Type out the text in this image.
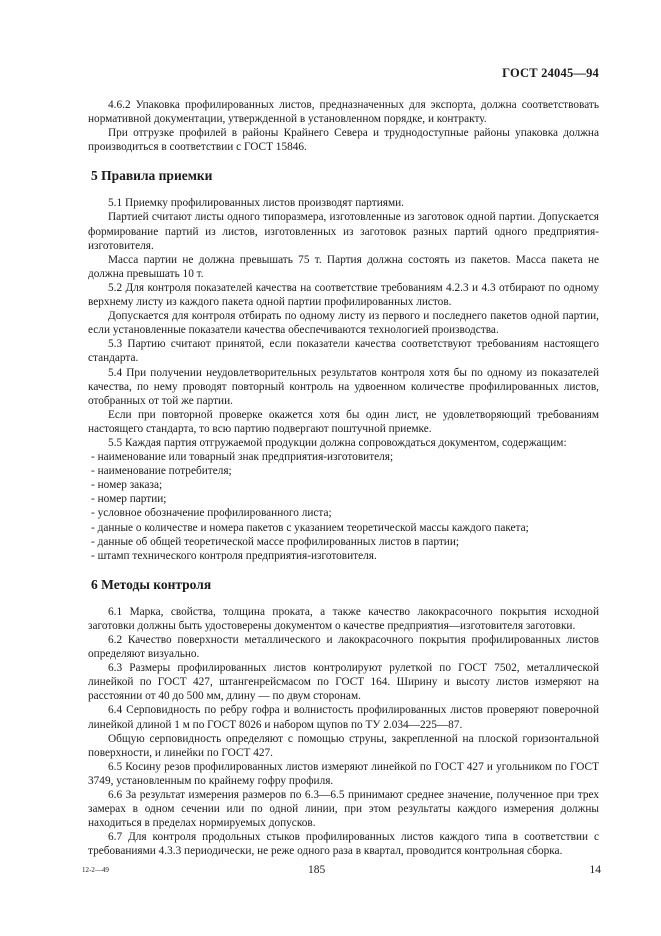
ГОСТ 24045—94

4.6.2 Упаковка профилированных листов, предназначенных для экспорта, должна соответствовать нормативной документации, утвержденной в установленном порядке, и контракту.

При отгрузке профилей в районы Крайнего Севера и труднодоступные районы упаковка должна производиться в соответствии с ГОСТ 15846.

5 Правила приемки

5.1 Приемку профилированных листов производят партиями.

Партией считают листы одного типоразмера, изготовленные из заготовок одной партии. Допускается формирование партий из листов, изготовленных из заготовок разных партий одного предприятия-изготовителя.

Масса партии не должна превышать 75 т. Партия должна состоять из пакетов. Масса пакета не должна превышать 10 т.

5.2 Для контроля показателей качества на соответствие требованиям 4.2.3 и 4.3 отбирают по одному верхнему листу из каждого пакета одной партии профилированных листов.

Допускается для контроля отбирать по одному листу из первого и последнего пакетов одной партии, если установленные показатели качества обеспечиваются технологией производства.

5.3 Партию считают принятой, если показатели качества соответствуют требованиям настоящего стандарта.

5.4 При получении неудовлетворительных результатов контроля хотя бы по одному из показателей качества, по нему проводят повторный контроль на удвоенном количестве профилированных листов, отобранных от той же партии.

Если при повторной проверке окажется хотя бы один лист, не удовлетворяющий требованиям настоящего стандарта, то всю партию подвергают поштучной приемке.

5.5 Каждая партия отгружаемой продукции должна сопровождаться документом, содержащим:

- наименование или товарный знак предприятия-изготовителя;
- наименование потребителя;
- номер заказа;
- номер партии;
- условное обозначение профилированного листа;
- данные о количестве и номера пакетов с указанием теоретической массы каждого пакета;
- данные об общей теоретической массе профилированных листов в партии;
- штамп технического контроля предприятия-изготовителя.
6 Методы контроля

6.1 Марка, свойства, толщина проката, а также качество лакокрасочного покрытия исходной заготовки должны быть удостоверены документом о качестве предприятия—изготовителя заготовки.

6.2 Качество поверхности металлического и лакокрасочного покрытия профилированных листов определяют визуально.

6.3 Размеры профилированных листов контролируют рулеткой по ГОСТ 7502, металлической линейкой по ГОСТ 427, штангенрейсмасом по ГОСТ 164. Ширину и высоту листов измеряют на расстоянии от 40 до 500 мм, длину — по двум сторонам.

6.4 Серповидность по ребру гофра и волнистость профилированных листов проверяют поверочной линейкой длиной 1 м по ГОСТ 8026 и набором щупов по ТУ 2.034—225—87.

Общую серповидность определяют с помощью струны, закрепленной на плоской горизонтальной поверхности, и линейки по ГОСТ 427.

6.5 Косину резов профилированных листов измеряют линейкой по ГОСТ 427 и угольником по ГОСТ 3749, установленным по крайнему гофру профиля.

6.6 За результат измерения размеров по 6.3—6.5 принимают среднее значение, полученное при трех замерах в одном сечении или по одной линии, при этом результаты каждого измерения должны находиться в пределах нормируемых допусков.

6.7 Для контроля продольных стыков профилированных листов каждого типа в соответствии с требованиями 4.3.3 периодически, не реже одного раза в квартал, проводится контрольная сборка.

12-2—49	185	14
